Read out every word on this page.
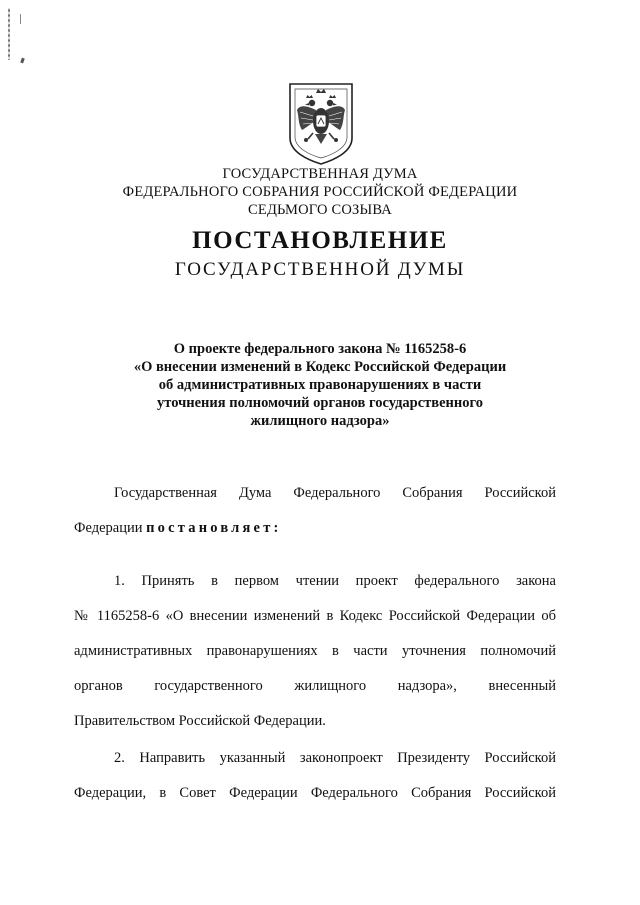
ГОСУДАРСТВЕННАЯ ДУМА
ФЕДЕРАЛЬНОГО СОБРАНИЯ РОССИЙСКОЙ ФЕДЕРАЦИИ
СЕДЬМОГО СОЗЫВА
ПОСТАНОВЛЕНИЕ
ГОСУДАРСТВЕННОЙ ДУМЫ
О проекте федерального закона № 1165258-6
«О внесении изменений в Кодекс Российской Федерации
об административных правонарушениях в части
уточнения полномочий органов государственного
жилищного надзора»
Государственная Дума Федерального Собрания Российской
Федерации постановляет:
1. Принять в первом чтении проект федерального закона
№ 1165258-6 «О внесении изменений в Кодекс Российской Федерации об
административных правонарушениях в части уточнения полномочий
органов государственного жилищного надзора», внесенный
Правительством Российской Федерации.
2. Направить указанный законопроект Президенту Российской
Федерации, в Совет Федерации Федерального Собрания Российской
